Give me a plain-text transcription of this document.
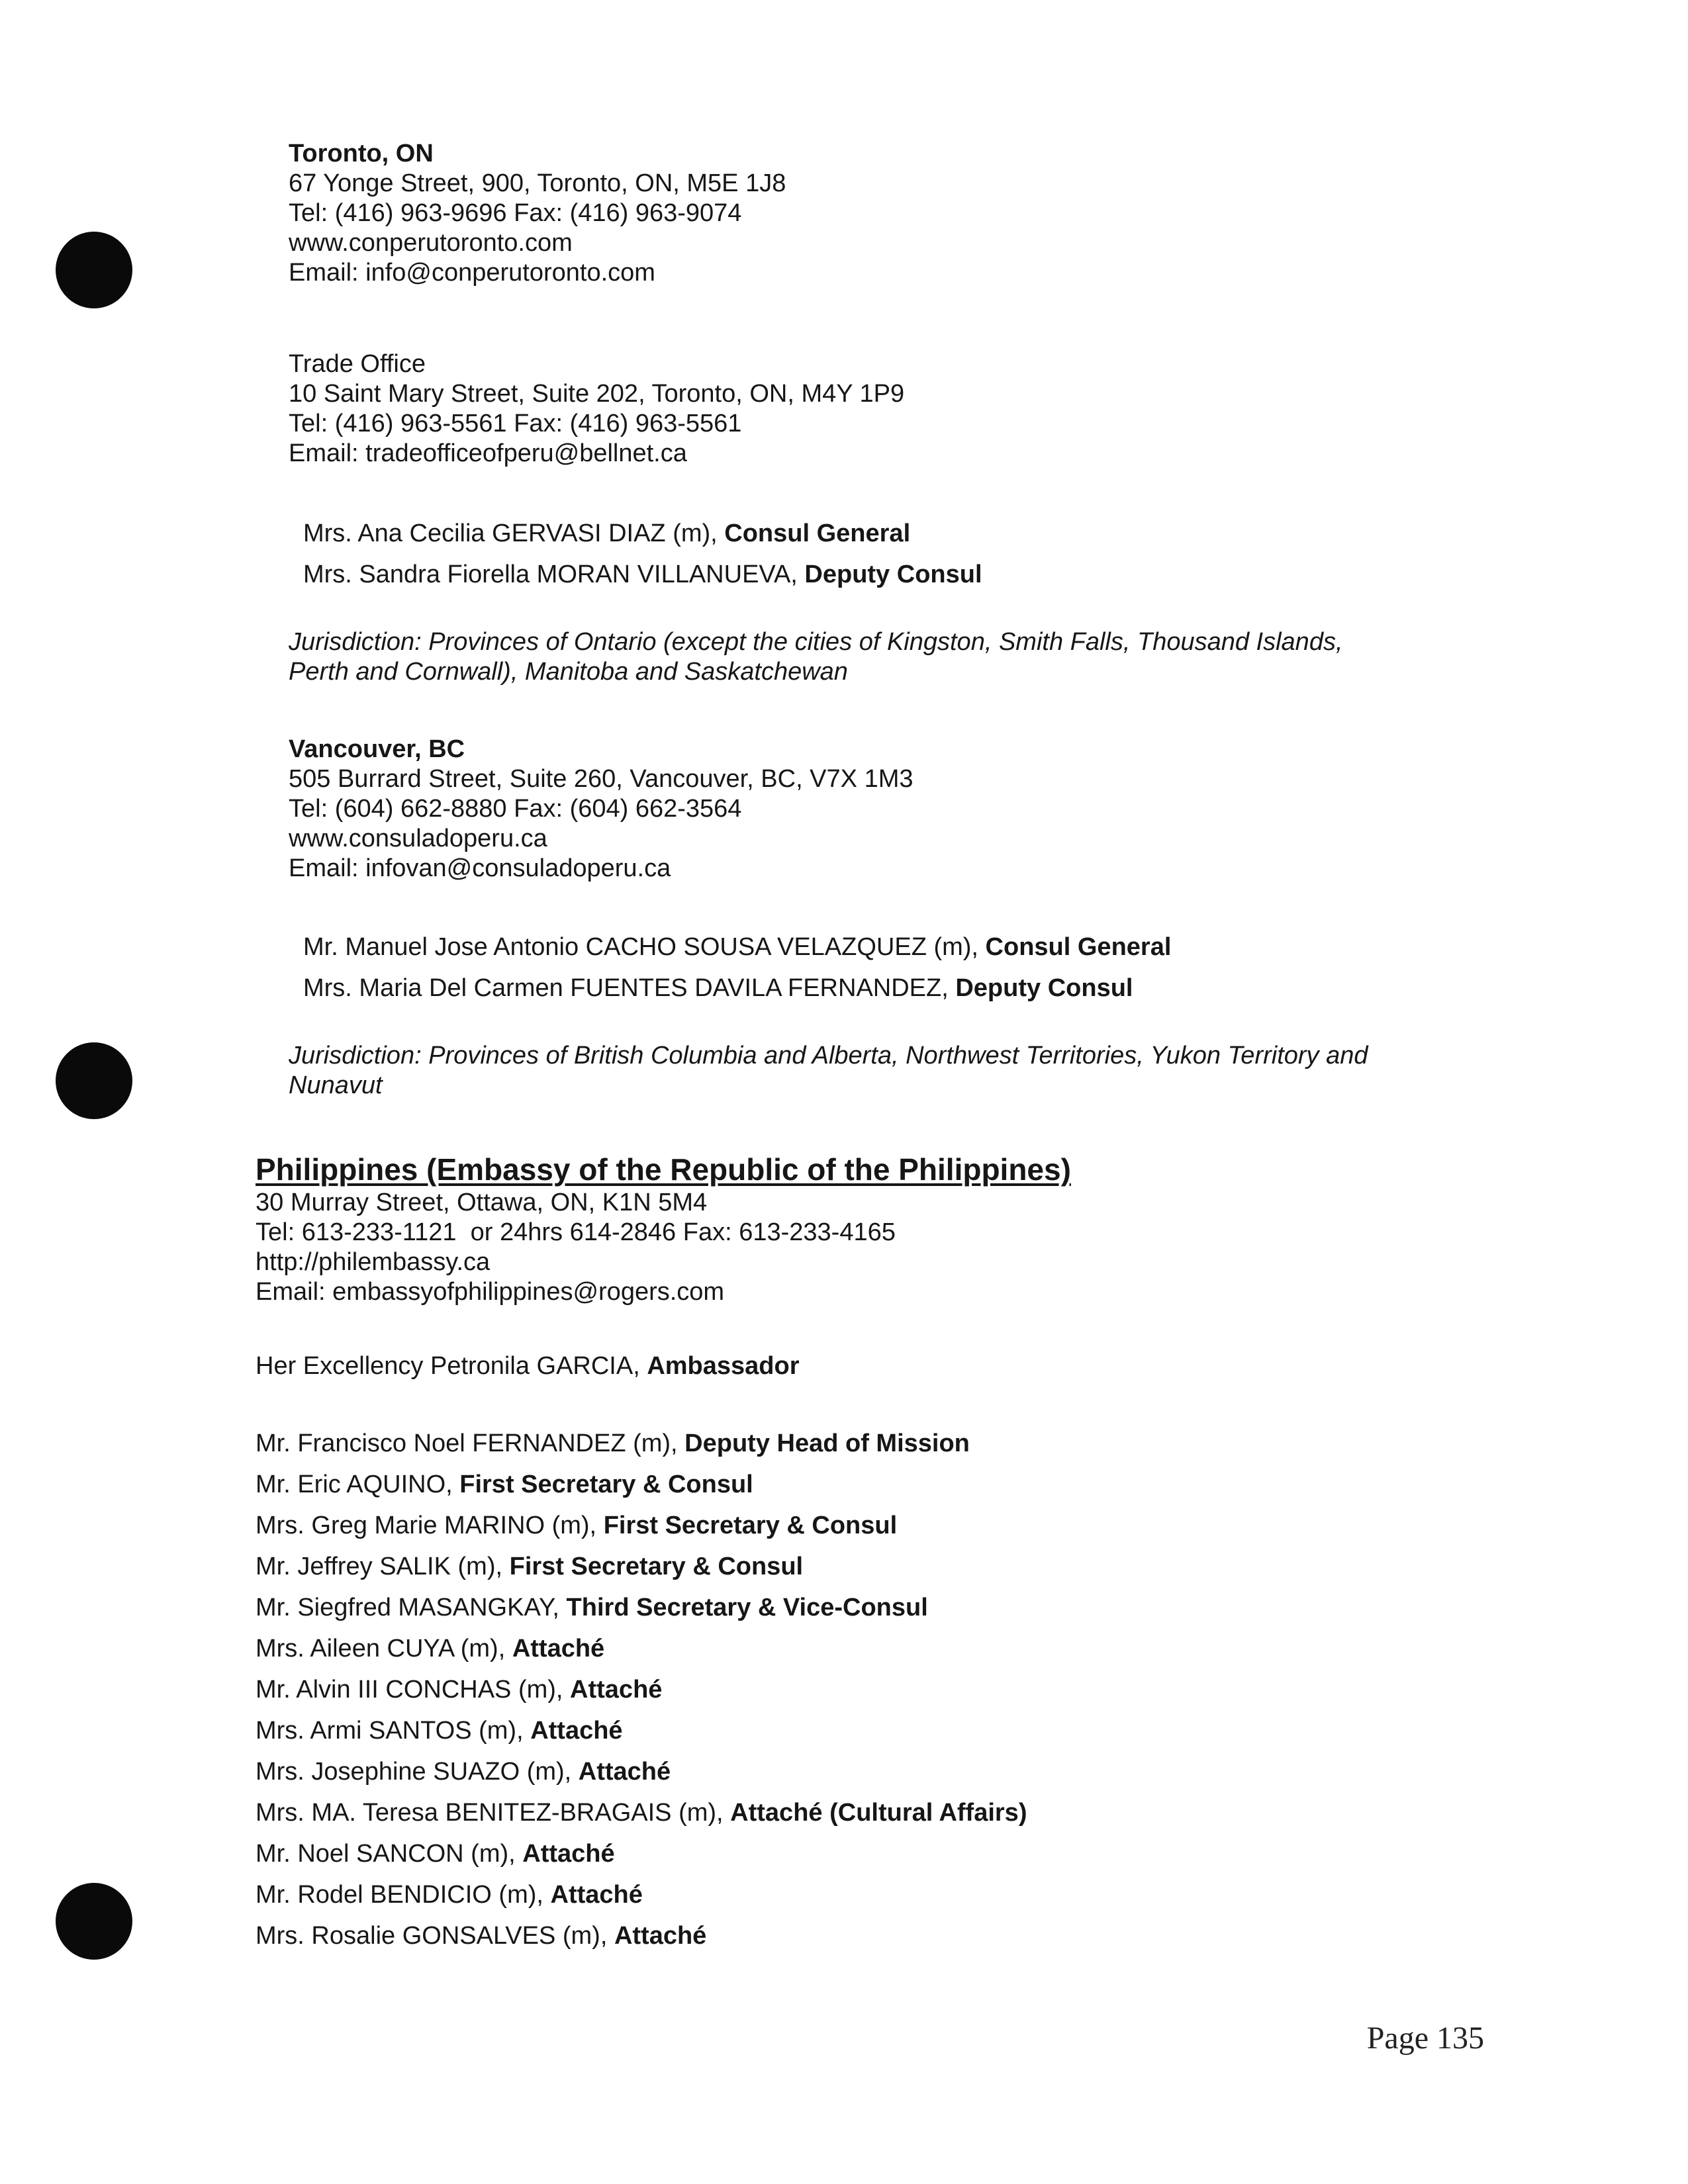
Toronto, ON
67 Yonge Street, 900, Toronto, ON, M5E 1J8
Tel: (416) 963-9696 Fax: (416) 963-9074
www.conperutoronto.com
Email: info@conperutoronto.com
Trade Office
10 Saint Mary Street, Suite 202, Toronto, ON, M4Y 1P9
Tel: (416) 963-5561 Fax: (416) 963-5561
Email: tradeofficeofperu@bellnet.ca
Mrs. Ana Cecilia GERVASI DIAZ (m), Consul General
Mrs. Sandra Fiorella MORAN VILLANUEVA, Deputy Consul
Jurisdiction: Provinces of Ontario (except the cities of Kingston, Smith Falls, Thousand Islands,
Perth and Cornwall), Manitoba and Saskatchewan
Vancouver, BC
505 Burrard Street, Suite 260, Vancouver, BC, V7X 1M3
Tel: (604) 662-8880 Fax: (604) 662-3564
www.consuladoperu.ca
Email: infovan@consuladoperu.ca
Mr. Manuel Jose Antonio CACHO SOUSA VELAZQUEZ (m), Consul General
Mrs. Maria Del Carmen FUENTES DAVILA FERNANDEZ, Deputy Consul
Jurisdiction: Provinces of British Columbia and Alberta, Northwest Territories, Yukon Territory and
Nunavut
Philippines (Embassy of the Republic of the Philippines)
30 Murray Street, Ottawa, ON, K1N 5M4
Tel: 613-233-1121  or 24hrs 614-2846 Fax: 613-233-4165
http://philembassy.ca
Email: embassyofphilippines@rogers.com
Her Excellency Petronila GARCIA, Ambassador
Mr. Francisco Noel FERNANDEZ (m), Deputy Head of Mission
Mr. Eric AQUINO, First Secretary & Consul
Mrs. Greg Marie MARINO (m), First Secretary & Consul
Mr. Jeffrey SALIK (m), First Secretary & Consul
Mr. Siegfred MASANGKAY, Third Secretary & Vice-Consul
Mrs. Aileen CUYA (m), Attaché
Mr. Alvin III CONCHAS (m), Attaché
Mrs. Armi SANTOS (m), Attaché
Mrs. Josephine SUAZO (m), Attaché
Mrs. MA. Teresa BENITEZ-BRAGAIS (m), Attaché (Cultural Affairs)
Mr. Noel SANCON (m), Attaché
Mr. Rodel BENDICIO (m), Attaché
Mrs. Rosalie GONSALVES (m), Attaché
Page 135
